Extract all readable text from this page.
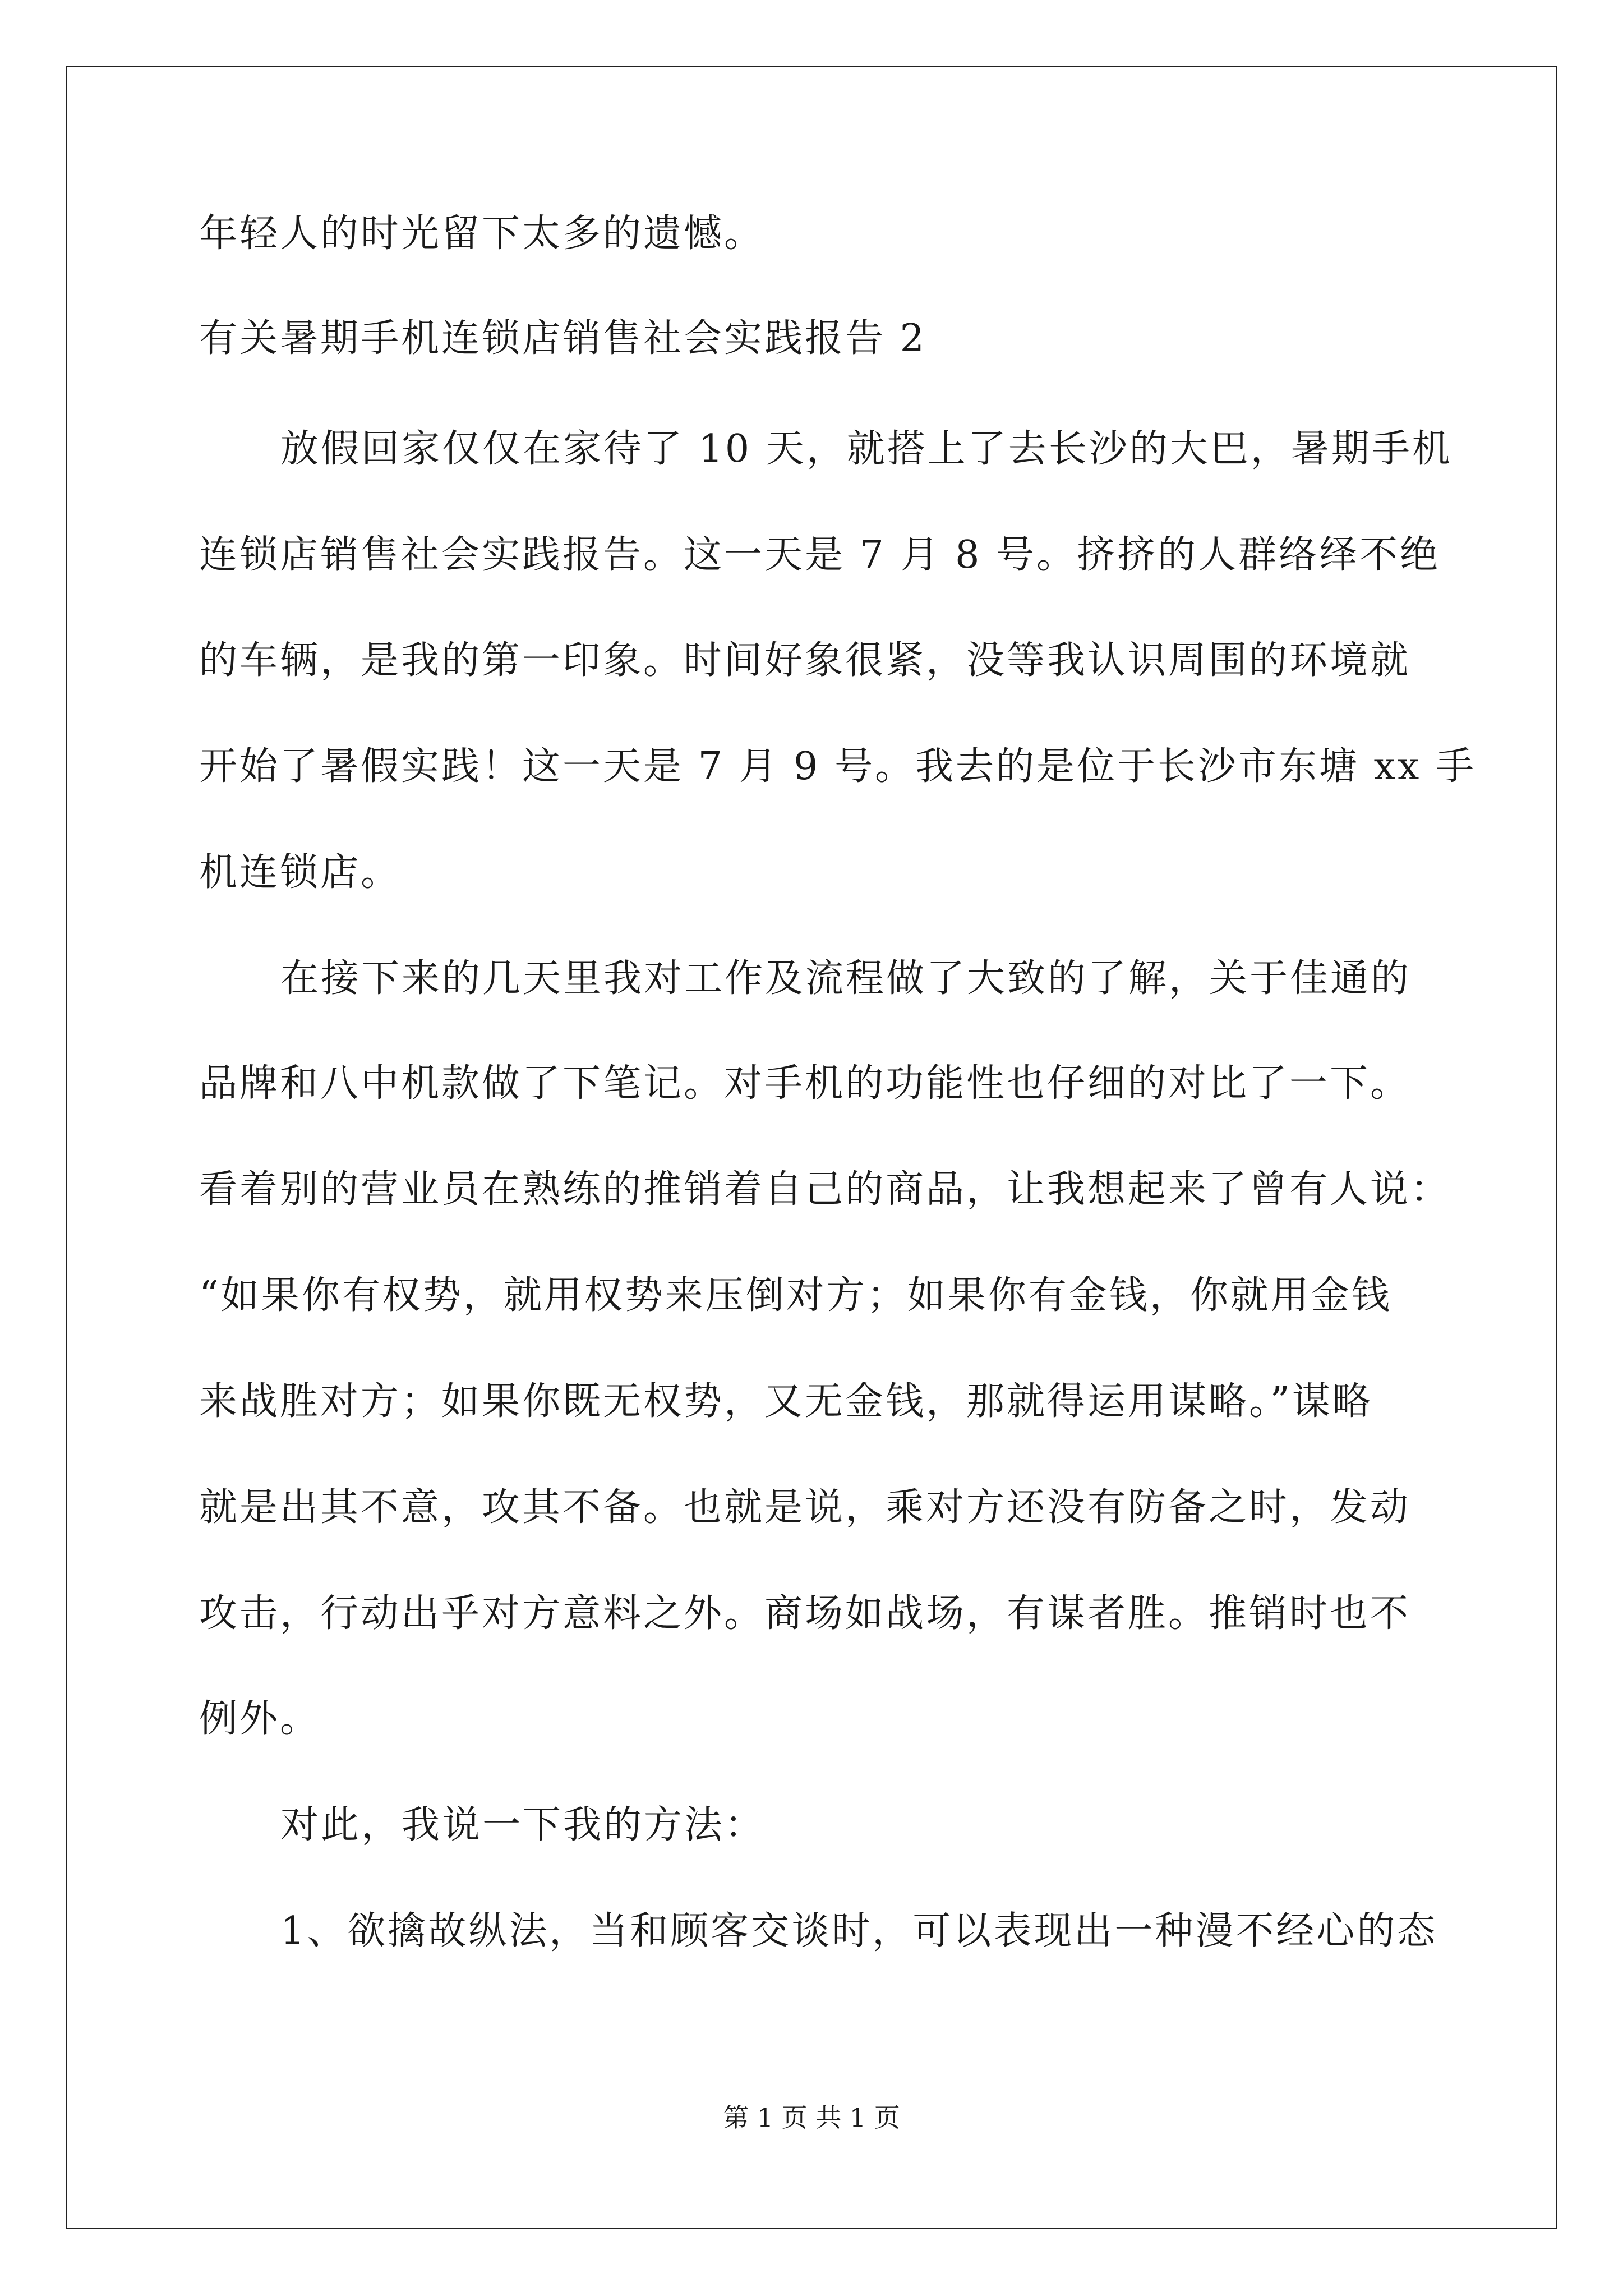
年轻人的时光留下太多的遗憾。
有关暑期手机连锁店销售社会实践报告 2
放假回家仅仅在家待了 10 天，就搭上了去长沙的大巴，暑期手机
连锁店销售社会实践报告。这一天是 7 月 8 号。挤挤的人群络绎不绝
的车辆，是我的第一印象。时间好象很紧，没等我认识周围的环境就
开始了暑假实践！这一天是 7 月 9 号。我去的是位于长沙市东塘 xx 手
机连锁店。
在接下来的几天里我对工作及流程做了大致的了解，关于佳通的
品牌和八中机款做了下笔记。对手机的功能性也仔细的对比了一下。
看着别的营业员在熟练的推销着自己的商品，让我想起来了曾有人说：
“如果你有权势，就用权势来压倒对方；如果你有金钱，你就用金钱
来战胜对方；如果你既无权势，又无金钱，那就得运用谋略。”谋略
就是出其不意，攻其不备。也就是说，乘对方还没有防备之时，发动
攻击，行动出乎对方意料之外。商场如战场，有谋者胜。推销时也不
例外。
对此，我说一下我的方法：
1、欲擒故纵法，当和顾客交谈时，可以表现出一种漫不经心的态
第 1 页 共 1 页
